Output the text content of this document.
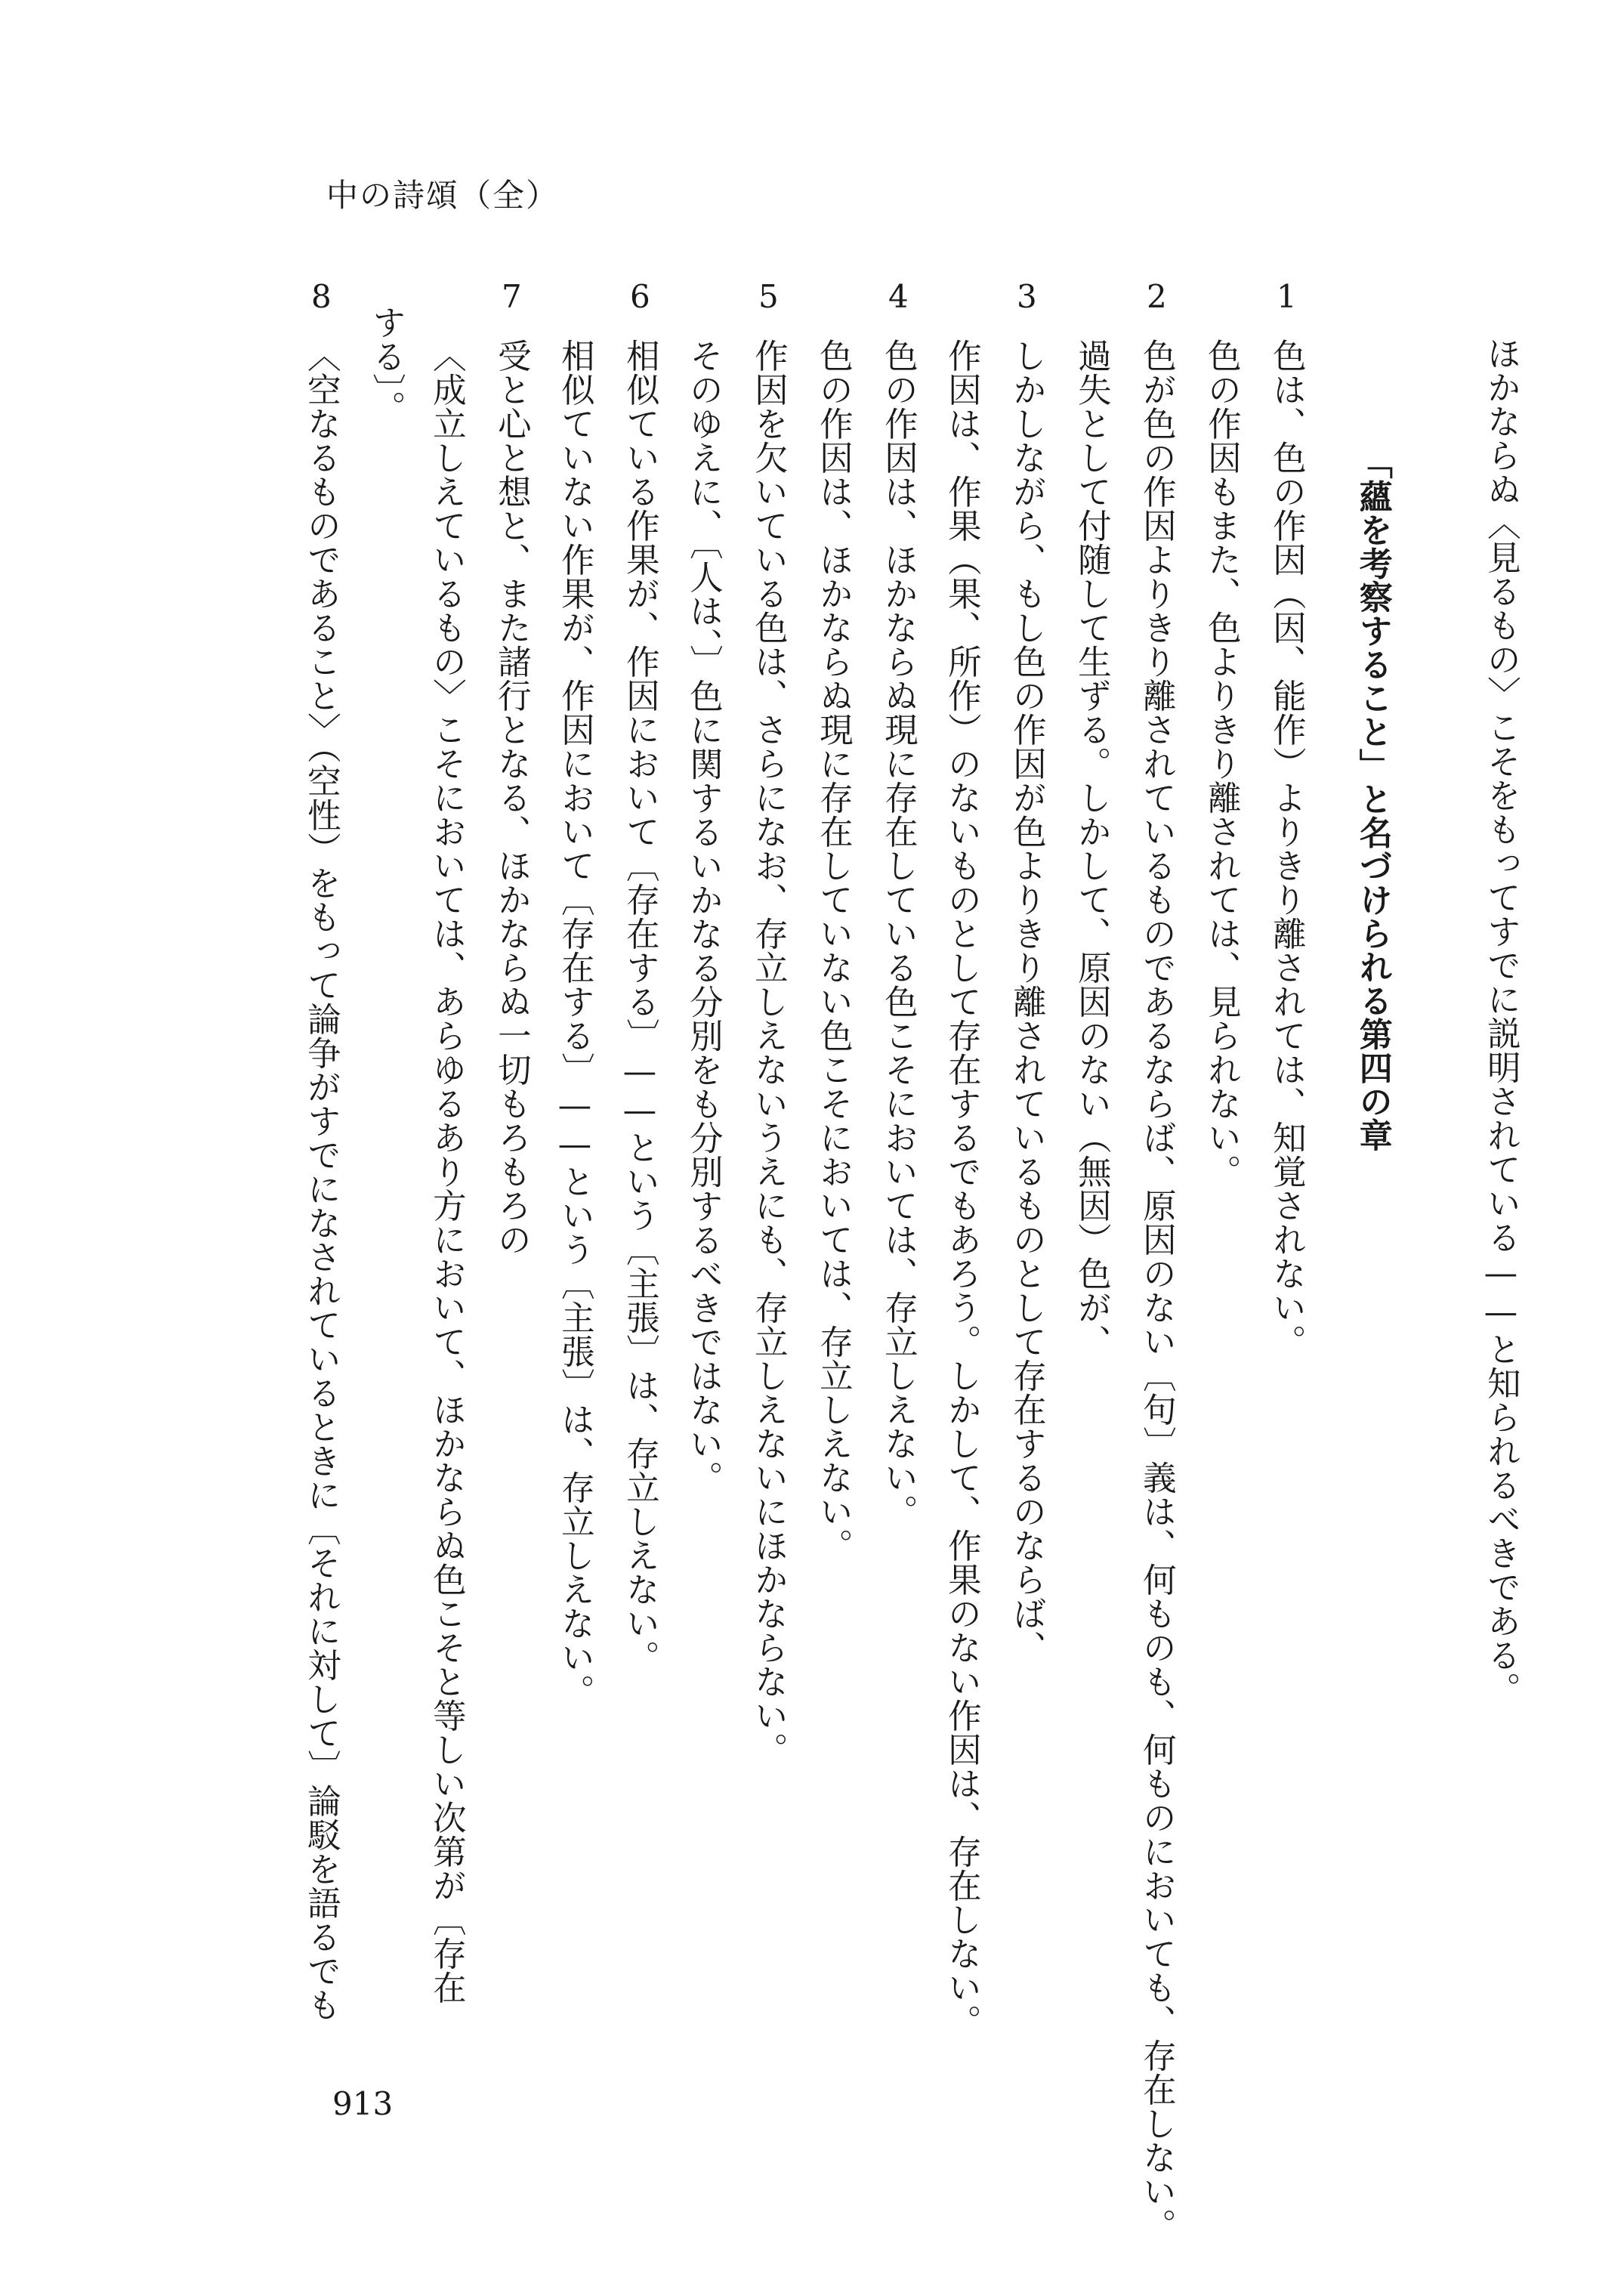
中の詩頌（全）
ほかならぬ〈見るもの〉こそをもってすでに説明されている——と知られるべきである。
「蘊を考察すること」と名づけられる第四の章
1
2
3
4
5
6
7
8
色は、色の作因（因、能作）よりきり離されては、知覚されない。
色の作因もまた、色よりきり離されては、見られない。
色が色の作因よりきり離されているものであるならば、原因のない〔句〕義は、何ものも、何ものにおいても、存在しない。
過失として付随して生ずる。しかして、原因のない（無因）色が、
しかしながら、もし色の作因が色よりきり離されているものとして存在するのならば、
作因は、作果（果、所作）のないものとして存在するでもあろう。しかして、作果のない作因は、存在しない。
色の作因は、ほかならぬ現に存在している色こそにおいては、存立しえない。
色の作因は、ほかならぬ現に存在していない色こそにおいては、存立しえない。
作因を欠いている色は、さらになお、存立しえないうえにも、存立しえないにほかならない。
そのゆえに、〔人は、〕色に関するいかなる分別をも分別するべきではない。
相似ている作果が、作因において〔存在する〕——という〔主張〕は、存立しえない。
相似ていない作果が、作因において〔存在する〕——という〔主張〕は、存立しえない。
受と心と想と、また諸行となる、ほかならぬ一切もろもろの
〈成立しえているもの〉こそにおいては、あらゆるあり方において、ほかならぬ色こそと等しい次第が〔存在
する〕。
〈空なるものであること〉（空性）をもって論争がすでになされているときに〔それに対して〕論駁を語るでも
913
